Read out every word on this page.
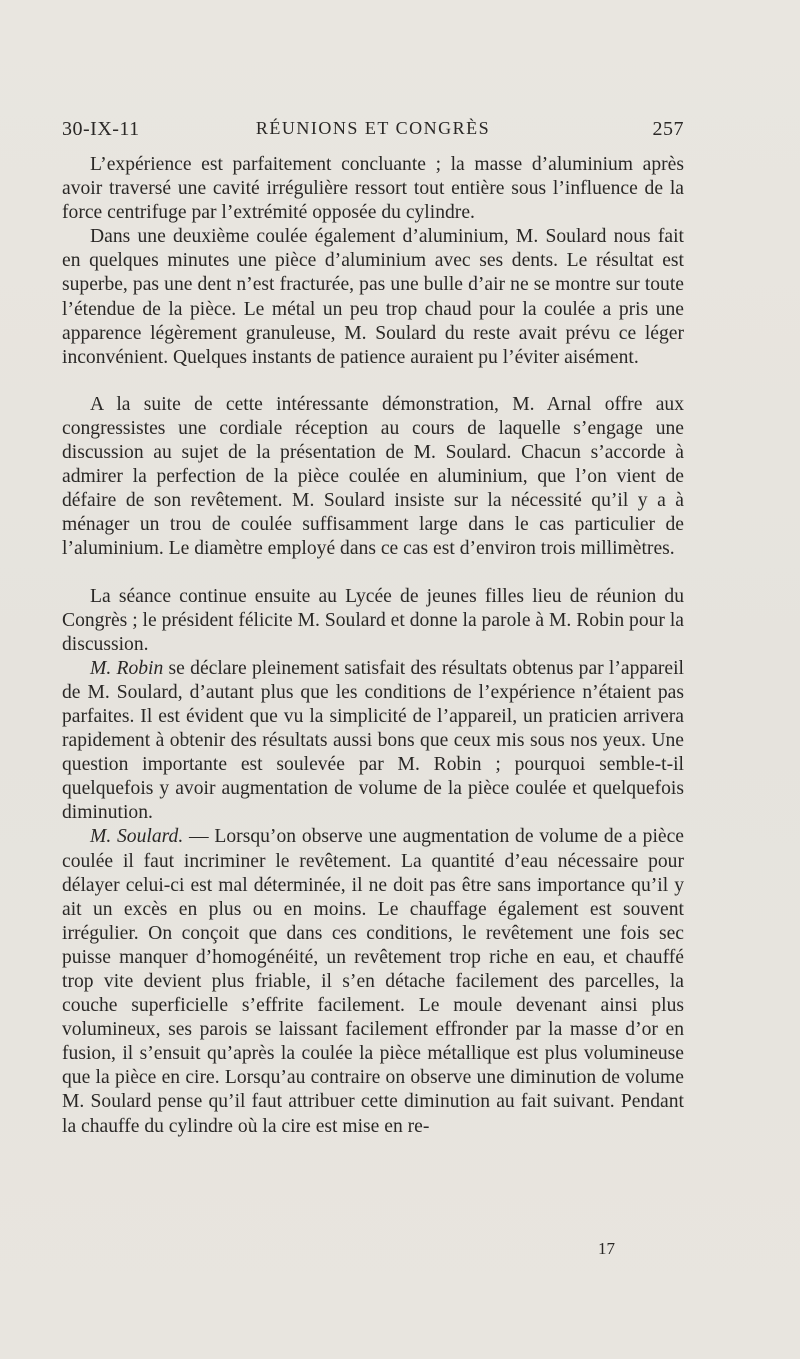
30-IX-11	RÉUNIONS ET CONGRÈS	257

L’expérience est parfaitement concluante ; la masse d’aluminium après avoir traversé une cavité irrégulière ressort tout entière sous l’influence de la force centrifuge par l’extrémité opposée du cylindre.

Dans une deuxième coulée également d’aluminium, M. Soulard nous fait en quelques minutes une pièce d’aluminium avec ses dents. Le résultat est superbe, pas une dent n’est fracturée, pas une bulle d’air ne se montre sur toute l’étendue de la pièce. Le métal un peu trop chaud pour la coulée a pris une apparence légèrement granuleuse, M. Soulard du reste avait prévu ce léger inconvénient. Quelques instants de patience auraient pu l’éviter aisément.

A la suite de cette intéressante démonstration, M. Arnal offre aux congressistes une cordiale réception au cours de laquelle s’engage une discussion au sujet de la présentation de M. Soulard. Chacun s’accorde à admirer la perfection de la pièce coulée en aluminium, que l’on vient de défaire de son revêtement. M. Soulard insiste sur la nécessité qu’il y a à ménager un trou de coulée suffisamment large dans le cas particulier de l’aluminium. Le diamètre employé dans ce cas est d’environ trois millimètres.

La séance continue ensuite au Lycée de jeunes filles lieu de réunion du Congrès ; le président félicite M. Soulard et donne la parole à M. Robin pour la discussion.

M. Robin se déclare pleinement satisfait des résultats obtenus par l’appareil de M. Soulard, d’autant plus que les conditions de l’expérience n’étaient pas parfaites. Il est évident que vu la simplicité de l’appareil, un praticien arrivera rapidement à obtenir des résultats aussi bons que ceux mis sous nos yeux. Une question importante est soulevée par M. Robin ; pourquoi semble-t-il quelquefois y avoir augmentation de volume de la pièce coulée et quelquefois diminution.

M. Soulard. — Lorsqu’on observe une augmentation de volume de a pièce coulée il faut incriminer le revêtement. La quantité d’eau nécessaire pour délayer celui-ci est mal déterminée, il ne doit pas être sans importance qu’il y ait un excès en plus ou en moins. Le chauffage également est souvent irrégulier. On conçoit que dans ces conditions, le revêtement une fois sec puisse manquer d’homogénéité, un revêtement trop riche en eau, et chauffé trop vite devient plus friable, il s’en détache facilement des parcelles, la couche superficielle s’effrite facilement. Le moule devenant ainsi plus volumineux, ses parois se laissant facilement effronder par la masse d’or en fusion, il s’ensuit qu’après la coulée la pièce métallique est plus volumineuse que la pièce en cire. Lorsqu’au contraire on observe une diminution de volume M. Soulard pense qu’il faut attribuer cette diminution au fait suivant. Pendant la chauffe du cylindre où la cire est mise en re-

17
